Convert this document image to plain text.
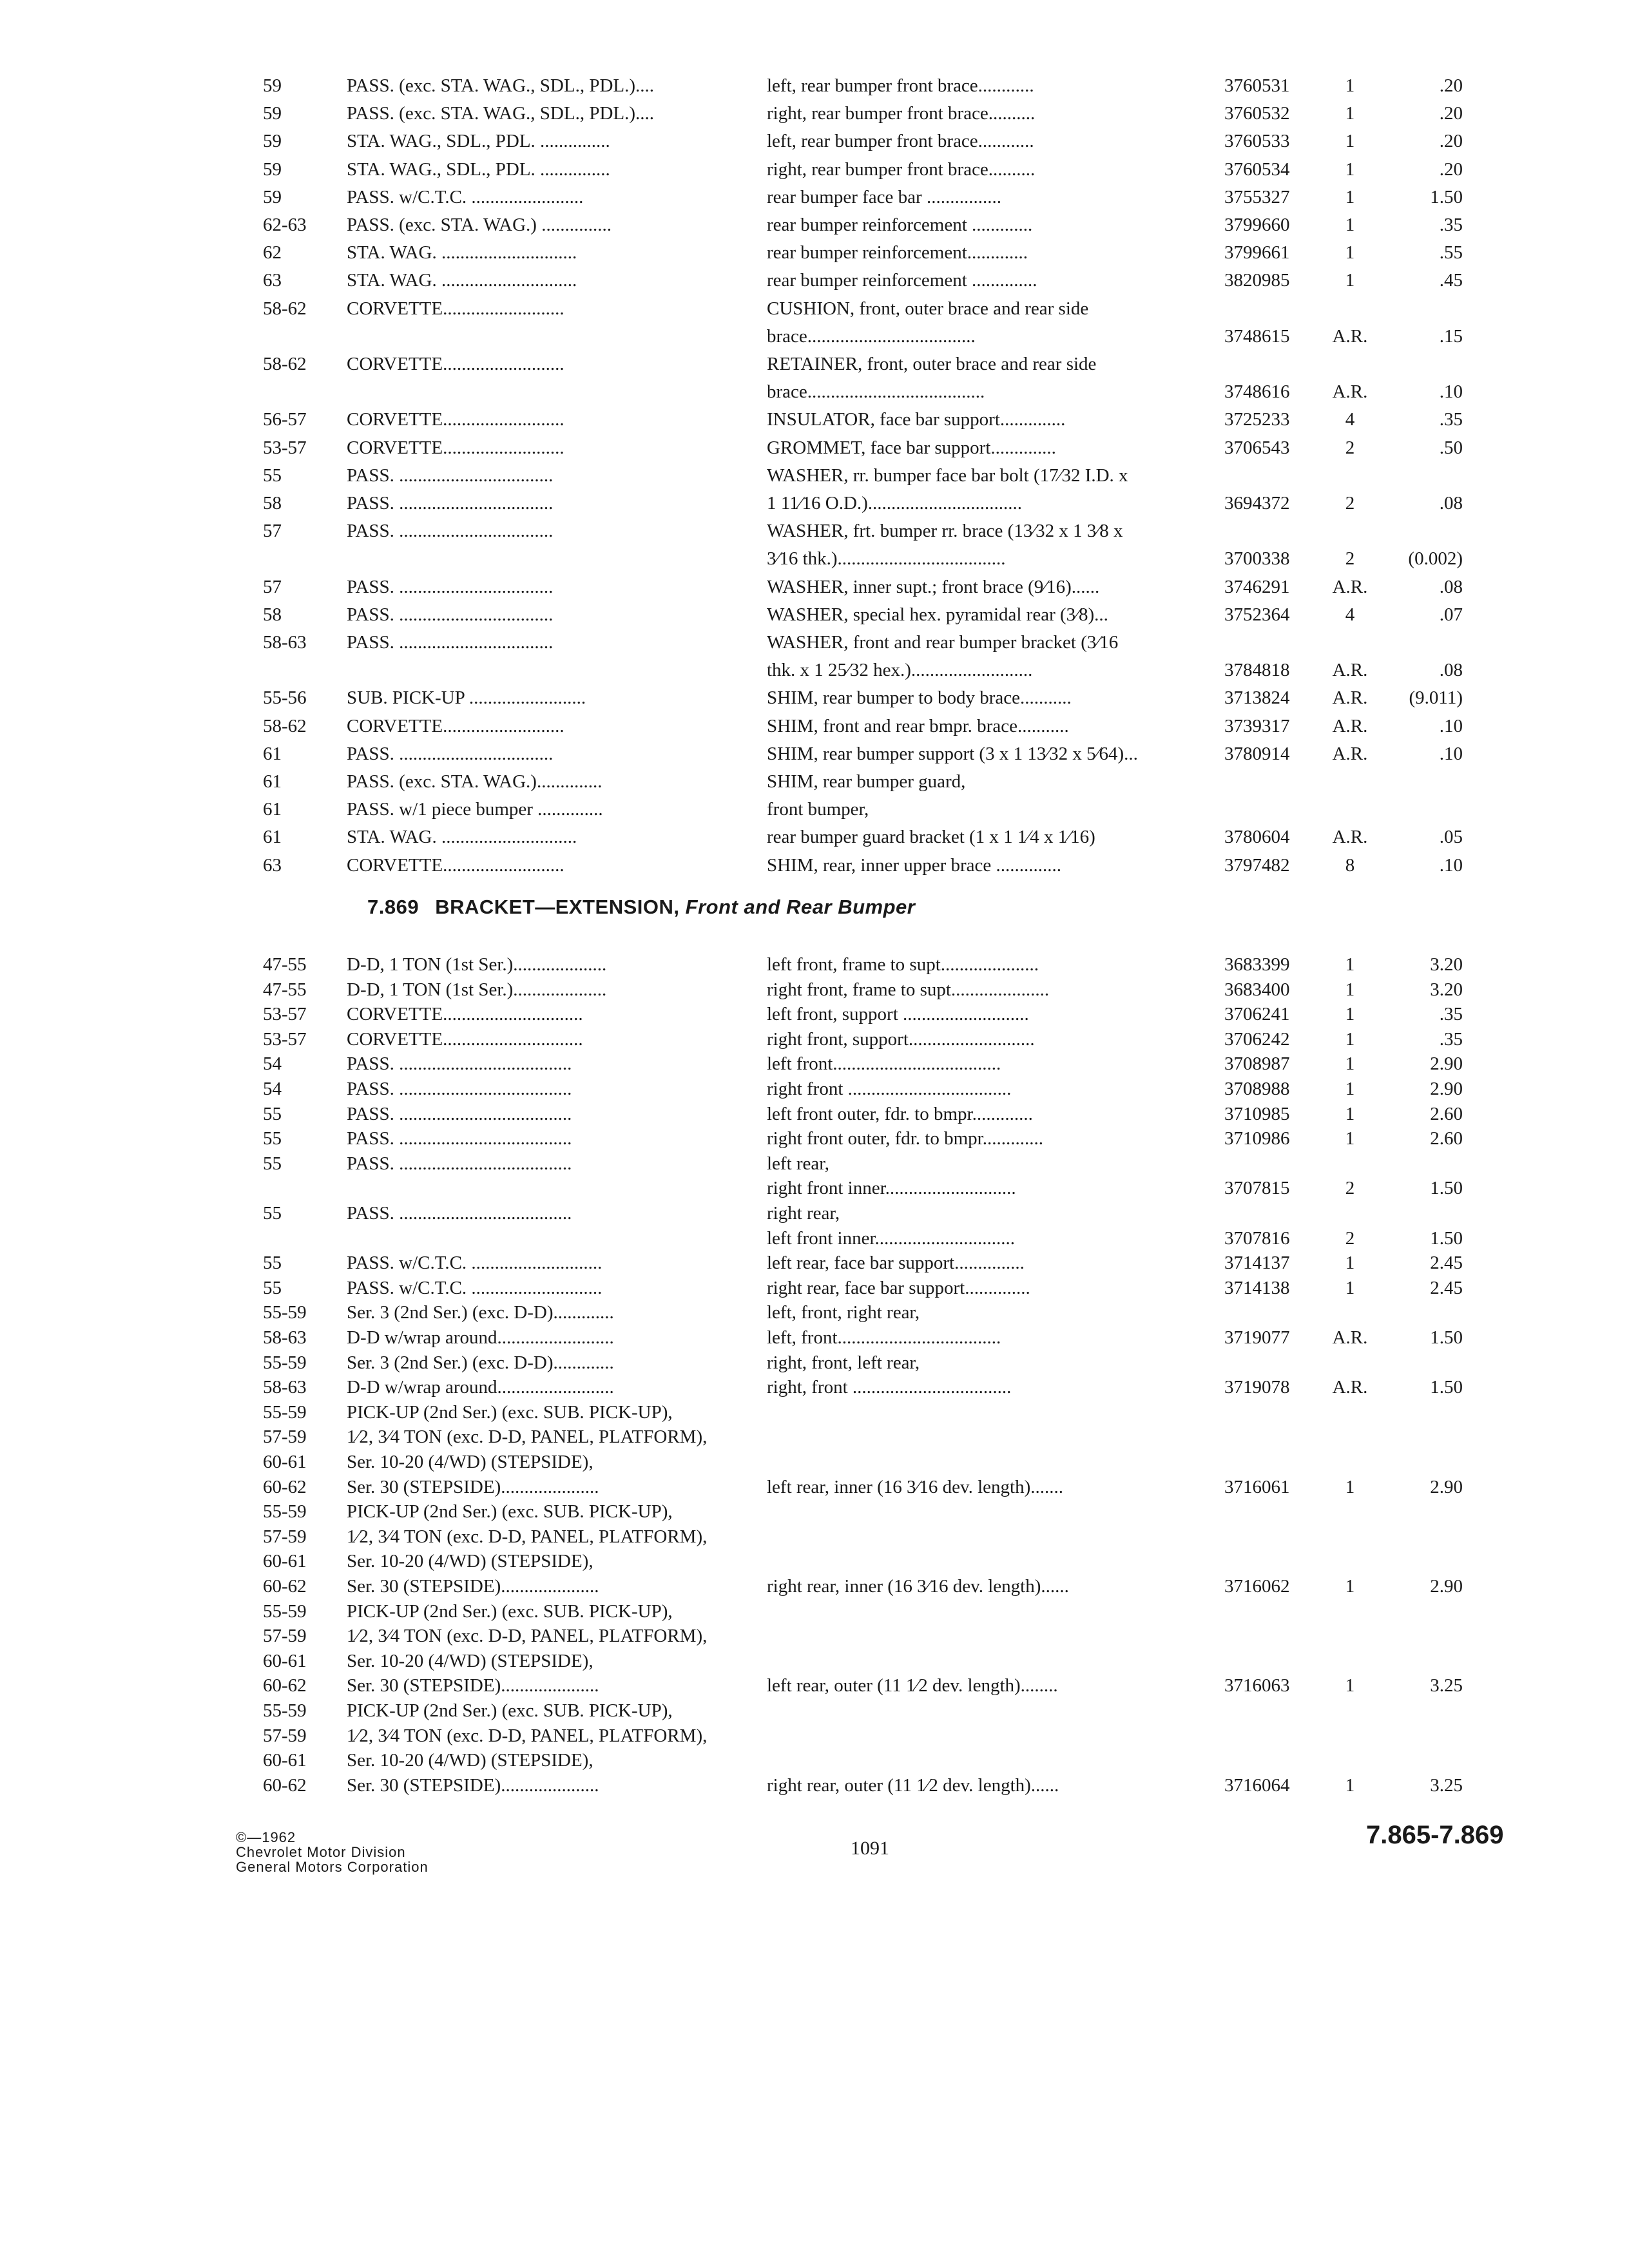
59	PASS. (exc. STA. WAG., SDL., PDL.)....	left, rear bumper front brace............	3760531	1	.20
59	PASS. (exc. STA. WAG., SDL., PDL.)....	right, rear bumper front brace..........	3760532	1	.20
59	STA. WAG., SDL., PDL. ...............	left, rear bumper front brace............	3760533	1	.20
59	STA. WAG., SDL., PDL. ...............	right, rear bumper front brace..........	3760534	1	.20
59	PASS. w/C.T.C. ........................	rear bumper face bar ................	3755327	1	1.50
62-63	PASS. (exc. STA. WAG.) ...............	rear bumper reinforcement .............	3799660	1	.35
62	STA. WAG. .............................	rear bumper reinforcement.............	3799661	1	.55
63	STA. WAG. .............................	rear bumper reinforcement ..............	3820985	1	.45
58-62	CORVETTE..........................	CUSHION, front, outer brace and rear side
brace....................................	3748615	A.R.	.15
58-62	CORVETTE..........................	RETAINER, front, outer brace and rear side
brace......................................	3748616	A.R.	.10
56-57	CORVETTE..........................	INSULATOR, face bar support..............	3725233	4	.35
53-57	CORVETTE..........................	GROMMET, face bar support..............	3706543	2	.50
55	PASS. .................................	WASHER, rr. bumper face bar bolt (17⁄32 I.D. x
58	PASS. .................................	1 11⁄16 O.D.).................................	3694372	2	.08
57	PASS. .................................	WASHER, frt. bumper rr. brace (13⁄32 x 1 3⁄8 x
3⁄16 thk.)....................................	3700338	2	(0.002)
57	PASS. .................................	WASHER, inner supt.; front brace (9⁄16)......	3746291	A.R.	.08
58	PASS. .................................	WASHER, special hex. pyramidal rear (3⁄8)...	3752364	4	.07
58-63	PASS. .................................	WASHER, front and rear bumper bracket (3⁄16
thk. x 1 25⁄32 hex.)..........................	3784818	A.R.	.08
55-56	SUB. PICK-UP .........................	SHIM, rear bumper to body brace...........	3713824	A.R.	(9.011)
58-62	CORVETTE..........................	SHIM, front and rear bmpr. brace...........	3739317	A.R.	.10
61	PASS. .................................	SHIM, rear bumper support (3 x 1 13⁄32 x 5⁄64)...	3780914	A.R.	.10
61	PASS. (exc. STA. WAG.)..............	SHIM, rear bumper guard,
61	PASS. w/1 piece bumper ..............	front bumper,
61	STA. WAG. .............................	rear bumper guard bracket (1 x 1 1⁄4 x 1⁄16)	3780604	A.R.	.05
63	CORVETTE..........................	SHIM, rear, inner upper brace ..............	3797482	8	.10
7.869 BRACKET—EXTENSION, Front and Rear Bumper
47-55	D-D, 1 TON (1st Ser.)....................	left front, frame to supt.....................	3683399	1	3.20
47-55	D-D, 1 TON (1st Ser.)....................	right front, frame to supt.....................	3683400	1	3.20
53-57	CORVETTE..............................	left front, support ...........................	3706241	1	.35
53-57	CORVETTE..............................	right front, support...........................	3706242	1	.35
54	PASS. .....................................	left front....................................	3708987	1	2.90
54	PASS. .....................................	right front ...................................	3708988	1	2.90
55	PASS. .....................................	left front outer, fdr. to bmpr.............	3710985	1	2.60
55	PASS. .....................................	right front outer, fdr. to bmpr.............	3710986	1	2.60
55	PASS. .....................................	left rear,
right front inner............................	3707815	2	1.50
55	PASS. .....................................	right rear,
left front inner..............................	3707816	2	1.50
55	PASS. w/C.T.C. ............................	left rear, face bar support...............	3714137	1	2.45
55	PASS. w/C.T.C. ............................	right rear, face bar support..............	3714138	1	2.45
55-59	Ser. 3 (2nd Ser.) (exc. D-D).............	left, front, right rear,
58-63	D-D w/wrap around.........................	left, front...................................	3719077	A.R.	1.50
55-59	Ser. 3 (2nd Ser.) (exc. D-D).............	right, front, left rear,
58-63	D-D w/wrap around.........................	right, front ..................................	3719078	A.R.	1.50
55-59	PICK-UP (2nd Ser.) (exc. SUB. PICK-UP),
57-59	1⁄2, 3⁄4 TON (exc. D-D, PANEL, PLATFORM),
60-61	Ser. 10-20 (4/WD) (STEPSIDE),
60-62	Ser. 30 (STEPSIDE).....................	left rear, inner (16 3⁄16 dev. length).......	3716061	1	2.90
55-59	PICK-UP (2nd Ser.) (exc. SUB. PICK-UP),
57-59	1⁄2, 3⁄4 TON (exc. D-D, PANEL, PLATFORM),
60-61	Ser. 10-20 (4/WD) (STEPSIDE),
60-62	Ser. 30 (STEPSIDE).....................	right rear, inner (16 3⁄16 dev. length)......	3716062	1	2.90
55-59	PICK-UP (2nd Ser.) (exc. SUB. PICK-UP),
57-59	1⁄2, 3⁄4 TON (exc. D-D, PANEL, PLATFORM),
60-61	Ser. 10-20 (4/WD) (STEPSIDE),
60-62	Ser. 30 (STEPSIDE).....................	left rear, outer (11 1⁄2 dev. length)........	3716063	1	3.25
55-59	PICK-UP (2nd Ser.) (exc. SUB. PICK-UP),
57-59	1⁄2, 3⁄4 TON (exc. D-D, PANEL, PLATFORM),
60-61	Ser. 10-20 (4/WD) (STEPSIDE),
60-62	Ser. 30 (STEPSIDE).....................	right rear, outer (11 1⁄2 dev. length)......	3716064	1	3.25
©—1962
Chevrolet Motor Division
General Motors Corporation
1091	7.865-7.869
